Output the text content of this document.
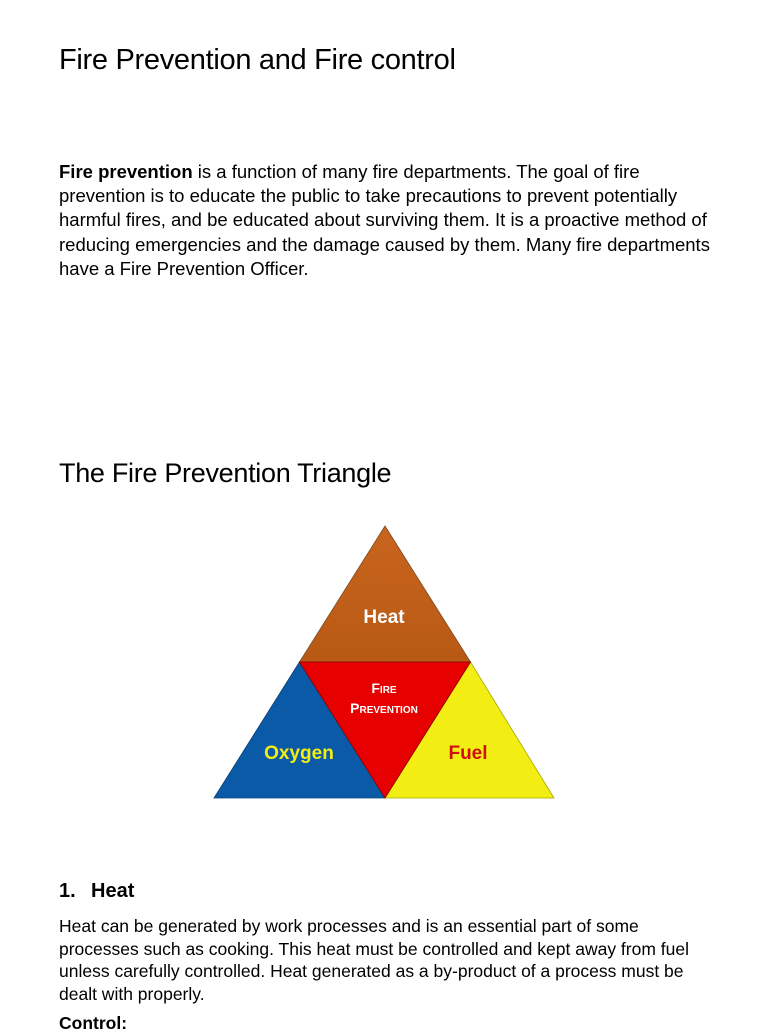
Fire Prevention and Fire control

Fire prevention is a function of many fire departments. The goal of fire prevention is to educate the public to take precautions to prevent potentially harmful fires, and be educated about surviving them. It is a proactive method of reducing emergencies and the damage caused by them. Many fire departments have a Fire Prevention Officer.

The Fire Prevention Triangle
Heat
Fire
Prevention
Oxygen	Fuel
1. Heat

Heat can be generated by work processes and is an essential part of some processes such as cooking. This heat must be controlled and kept away from fuel unless carefully controlled. Heat generated as a by-product of a process must be dealt with properly.

Control:
